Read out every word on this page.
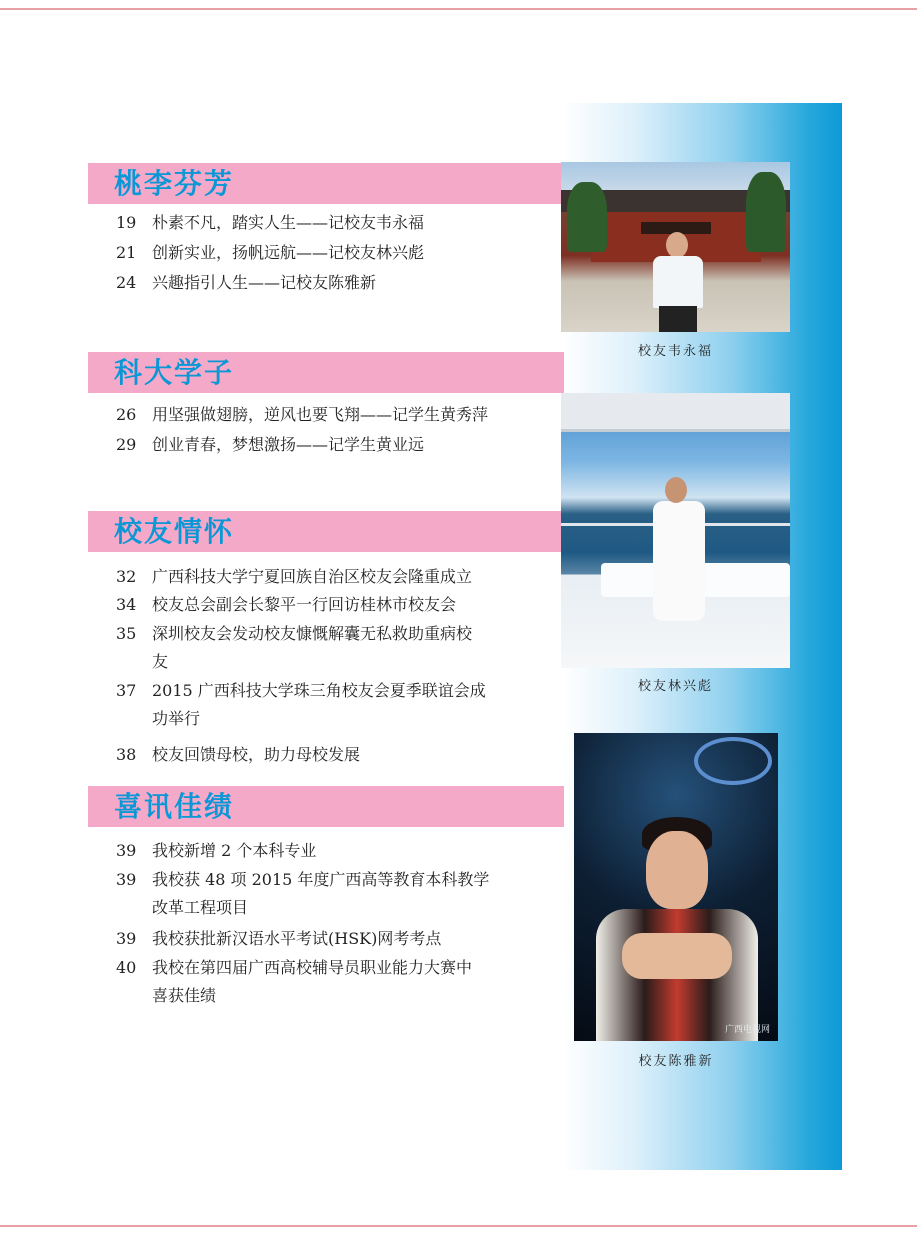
桃李芬芳
19 朴素不凡，踏实人生——记校友韦永福
21 创新实业，扬帆远航——记校友林兴彪
24 兴趣指引人生——记校友陈雅新
科大学子
26 用坚强做翅膀，逆风也要飞翔——记学生黄秀萍
29 创业青春，梦想激扬——记学生黄业远
校友情怀
32 广西科技大学宁夏回族自治区校友会隆重成立
34 校友总会副会长黎平一行回访桂林市校友会
35 深圳校友会发动校友慷慨解囊无私救助重病校
友
37 2015 广西科技大学珠三角校友会夏季联谊会成
功举行
38 校友回馈母校，助力母校发展
喜讯佳绩
39 我校新增 2 个本科专业
39 我校获 48 项 2015 年度广西高等教育本科教学
改革工程项目
39 我校获批新汉语水平考试(HSK)网考考点
40 我校在第四届广西高校辅导员职业能力大赛中
喜获佳绩
校友韦永福
校友林兴彪
广西电视网
校友陈雅新
